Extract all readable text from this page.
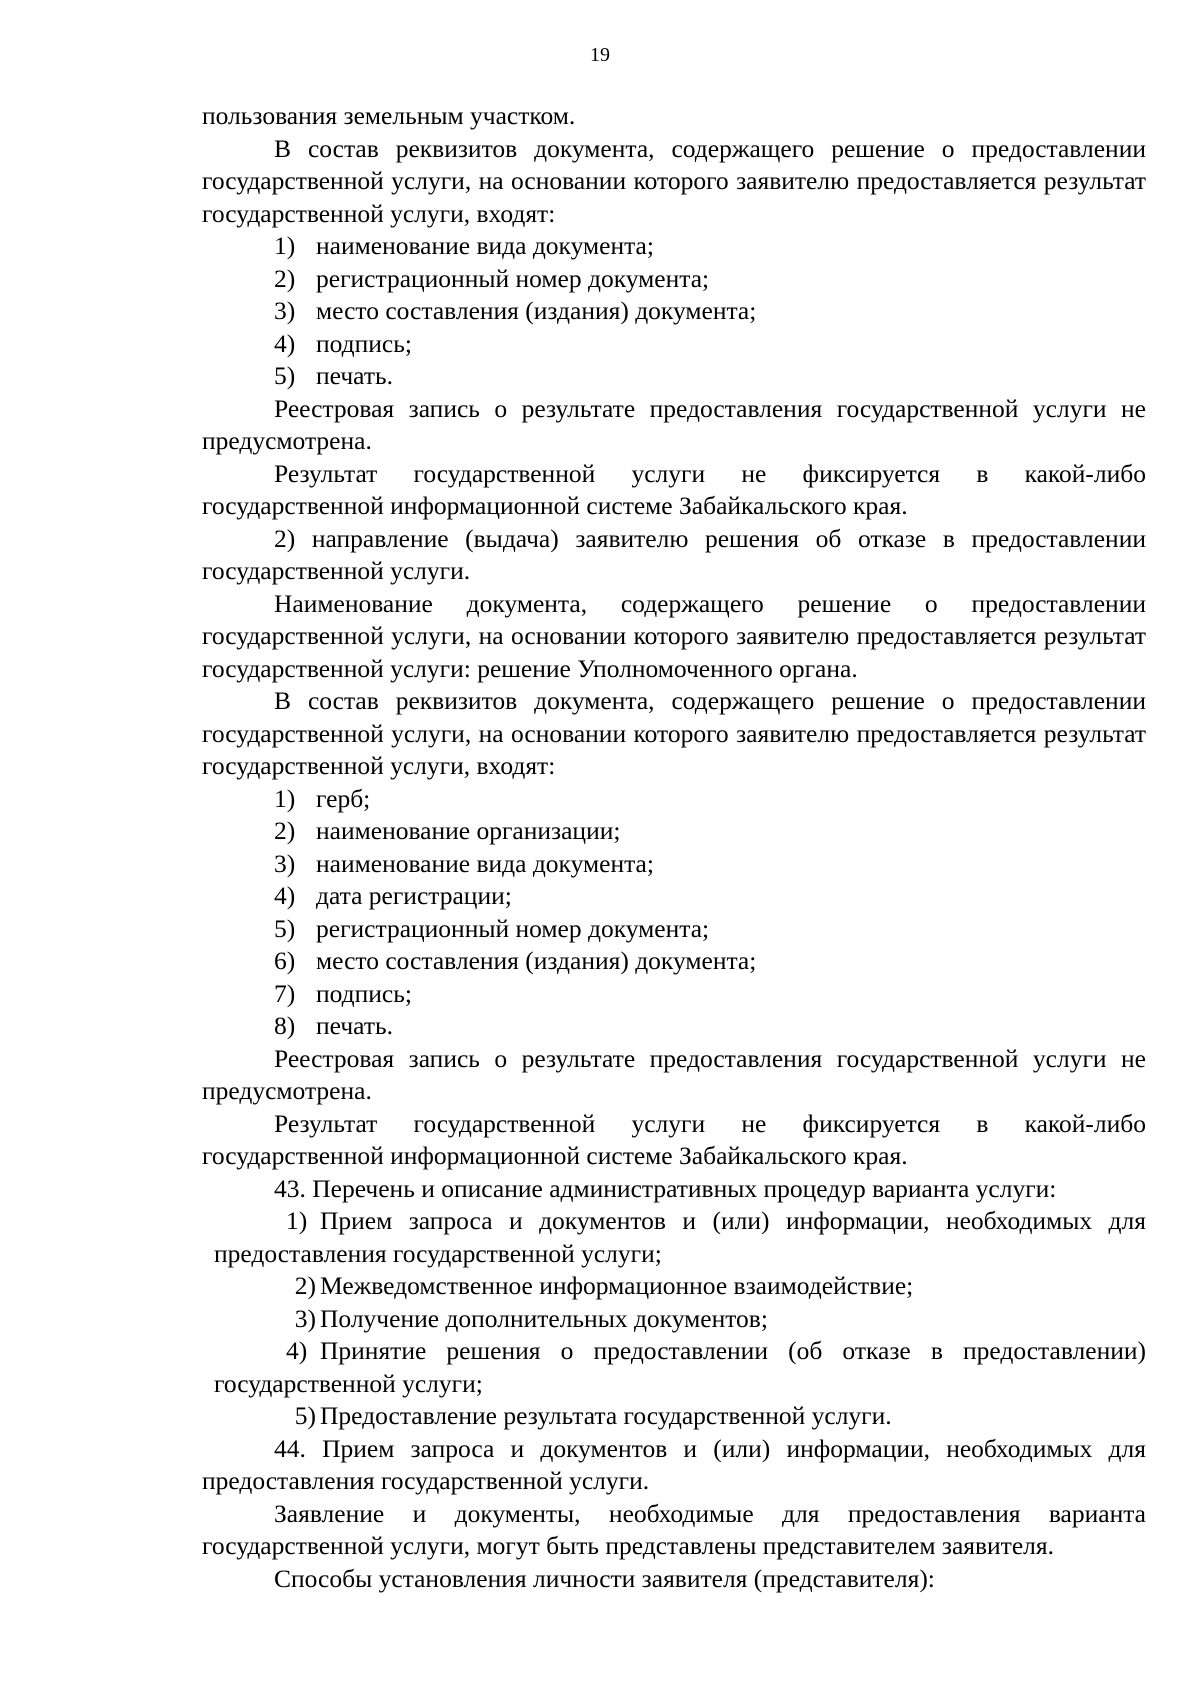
19

пользования земельным участком.

В состав реквизитов документа, содержащего решение о предоставлении государственной услуги, на основании которого заявителю предоставляется результат государственной услуги, входят:

1) наименование вида документа;

2) регистрационный номер документа;

3) место составления (издания) документа;

4) подпись;

5) печать.

Реестровая запись о результате предоставления государственной услуги не предусмотрена.

Результат государственной услуги не фиксируется в какой-либо государственной информационной системе Забайкальского края.

2) направление (выдача) заявителю решения об отказе в предоставлении государственной услуги.

Наименование документа, содержащего решение о предоставлении государственной услуги, на основании которого заявителю предоставляется результат государственной услуги: решение Уполномоченного органа.

В состав реквизитов документа, содержащего решение о предоставлении государственной услуги, на основании которого заявителю предоставляется результат государственной услуги, входят:

1) герб;

2) наименование организации;

3) наименование вида документа;

4) дата регистрации;

5) регистрационный номер документа;

6) место составления (издания) документа;

7) подпись;

8) печать.

Реестровая запись о результате предоставления государственной услуги не предусмотрена.

Результат государственной услуги не фиксируется в какой-либо государственной информационной системе Забайкальского края.

43. Перечень и описание административных процедур варианта услуги:

1) Прием запроса и документов и (или) информации, необходимых для предоставления государственной услуги;

2) Межведомственное информационное взаимодействие;

3) Получение дополнительных документов;

4) Принятие решения о предоставлении (об отказе в предоставлении) государственной услуги;

5) Предоставление результата государственной услуги.

44. Прием запроса и документов и (или) информации, необходимых для предоставления государственной услуги.

Заявление и документы, необходимые для предоставления варианта государственной услуги, могут быть представлены представителем заявителя.

Способы установления личности заявителя (представителя):
